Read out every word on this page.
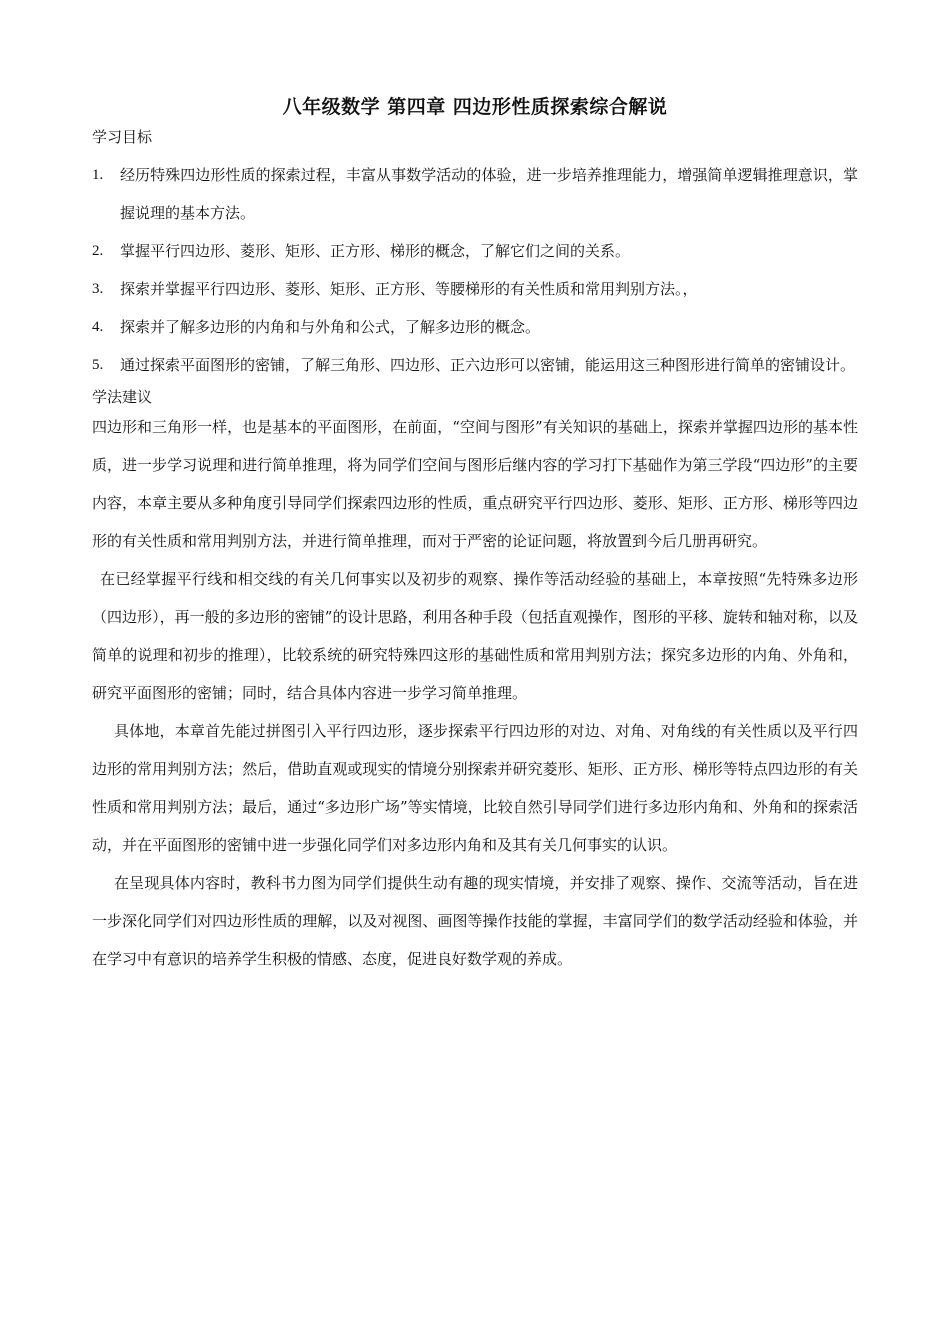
八年级数学 第四章 四边形性质探索综合解说
学习目标
1. 经历特殊四边形性质的探索过程，丰富从事数学活动的体验，进一步培养推理能力，增强简单逻辑推理意识，掌握说理的基本方法。
2. 掌握平行四边形、菱形、矩形、正方形、梯形的概念，了解它们之间的关系。
3. 探索并掌握平行四边形、菱形、矩形、正方形、等腰梯形的有关性质和常用判别方法。，
4. 探索并了解多边形的内角和与外角和公式，了解多边形的概念。
5. 通过探索平面图形的密铺，了解三角形、四边形、正六边形可以密铺，能运用这三种图形进行简单的密铺设计。
学法建议

四边形和三角形一样，也是基本的平面图形，在前面，“空间与图形”有关知识的基础上，探索并掌握四边形的基本性质，进一步学习说理和进行简单推理，将为同学们空间与图形后继内容的学习打下基础作为第三学段“四边形”的主要内容，本章主要从多种角度引导同学们探索四边形的性质，重点研究平行四边形、菱形、矩形、正方形、梯形等四边形的有关性质和常用判别方法，并进行简单推理，而对于严密的论证问题，将放置到今后几册再研究。

在已经掌握平行线和相交线的有关几何事实以及初步的观察、操作等活动经验的基础上，本章按照“先特殊多边形（四边形），再一般的多边形的密铺”的设计思路，利用各种手段（包括直观操作，图形的平移、旋转和轴对称，以及简单的说理和初步的推理），比较系统的研究特殊四这形的基础性质和常用判别方法；探究多边形的内角、外角和，研究平面图形的密铺；同时，结合具体内容进一步学习简单推理。

具体地，本章首先能过拼图引入平行四边形，逐步探索平行四边形的对边、对角、对角线的有关性质以及平行四边形的常用判别方法；然后，借助直观或现实的情境分别探索并研究菱形、矩形、正方形、梯形等特点四边形的有关性质和常用判别方法；最后，通过“多边形广场”等实情境，比较自然引导同学们进行多边形内角和、外角和的探索活动，并在平面图形的密铺中进一步强化同学们对多边形内角和及其有关几何事实的认识。

在呈现具体内容时，教科书力图为同学们提供生动有趣的现实情境，并安排了观察、操作、交流等活动，旨在进一步深化同学们对四边形性质的理解，以及对视图、画图等操作技能的掌握，丰富同学们的数学活动经验和体验，并在学习中有意识的培养学生积极的情感、态度，促进良好数学观的养成。
